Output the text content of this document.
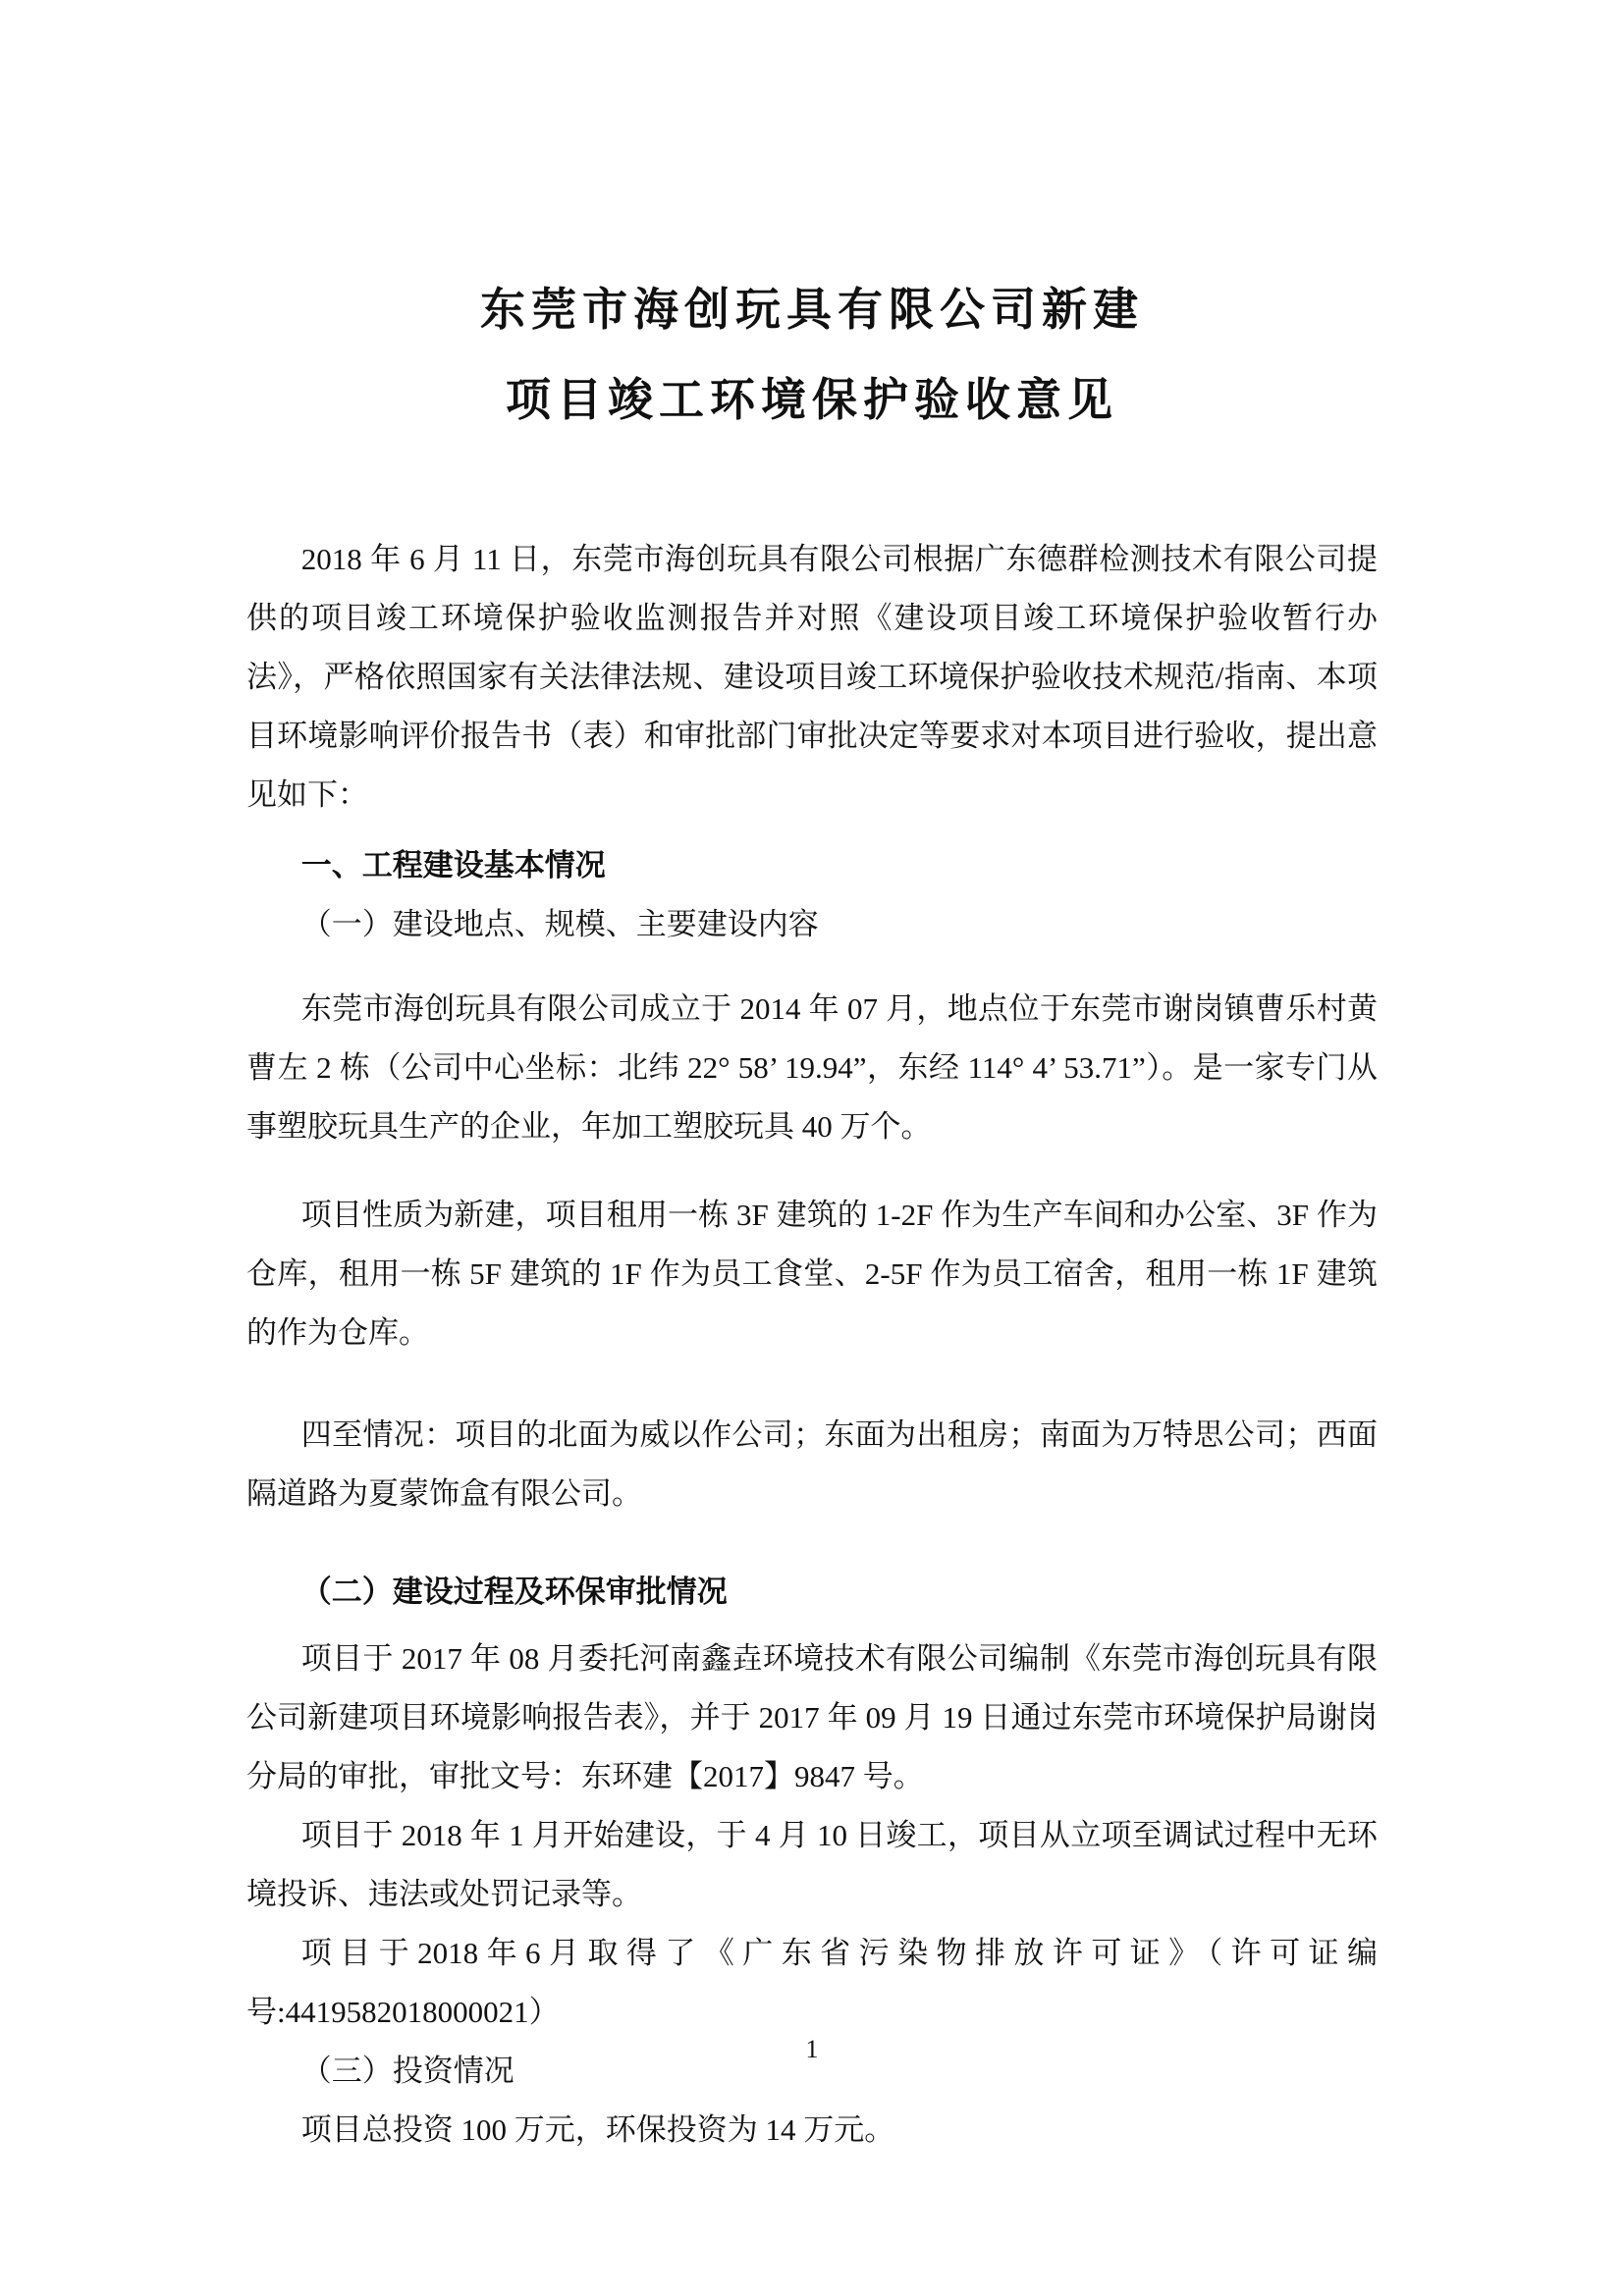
东莞市海创玩具有限公司新建
项目竣工环境保护验收意见

2018 年 6 月 11 日，东莞市海创玩具有限公司根据广东德群检测技术有限公司提供的项目竣工环境保护验收监测报告并对照《建设项目竣工环境保护验收暂行办法》，严格依照国家有关法律法规、建设项目竣工环境保护验收技术规范/指南、本项目环境影响评价报告书（表）和审批部门审批决定等要求对本项目进行验收，提出意见如下：

一、工程建设基本情况

（一）建设地点、规模、主要建设内容

东莞市海创玩具有限公司成立于 2014 年 07 月，地点位于东莞市谢岗镇曹乐村黄曹左 2 栋（公司中心坐标：北纬 22° 58’ 19.94”，东经 114° 4’ 53.71”）。是一家专门从事塑胶玩具生产的企业，年加工塑胶玩具 40 万个。

项目性质为新建，项目租用一栋 3F 建筑的 1-2F 作为生产车间和办公室、3F 作为仓库，租用一栋 5F 建筑的 1F 作为员工食堂、2-5F 作为员工宿舍，租用一栋 1F 建筑的作为仓库。

四至情况：项目的北面为威以作公司；东面为出租房；南面为万特思公司；西面隔道路为夏蒙饰盒有限公司。

（二）建设过程及环保审批情况

项目于 2017 年 08 月委托河南鑫垚环境技术有限公司编制《东莞市海创玩具有限公司新建项目环境影响报告表》，并于 2017 年 09 月 19 日通过东莞市环境保护局谢岗分局的审批，审批文号：东环建【2017】9847 号。

项目于 2018 年 1 月开始建设，于 4 月 10 日竣工，项目从立项至调试过程中无环境投诉、违法或处罚记录等。

项目于2018年6月取得了《广东省污染物排放许可证》（许可证编号:4419582018000021）

（三）投资情况

项目总投资 100 万元，环保投资为 14 万元。

1
